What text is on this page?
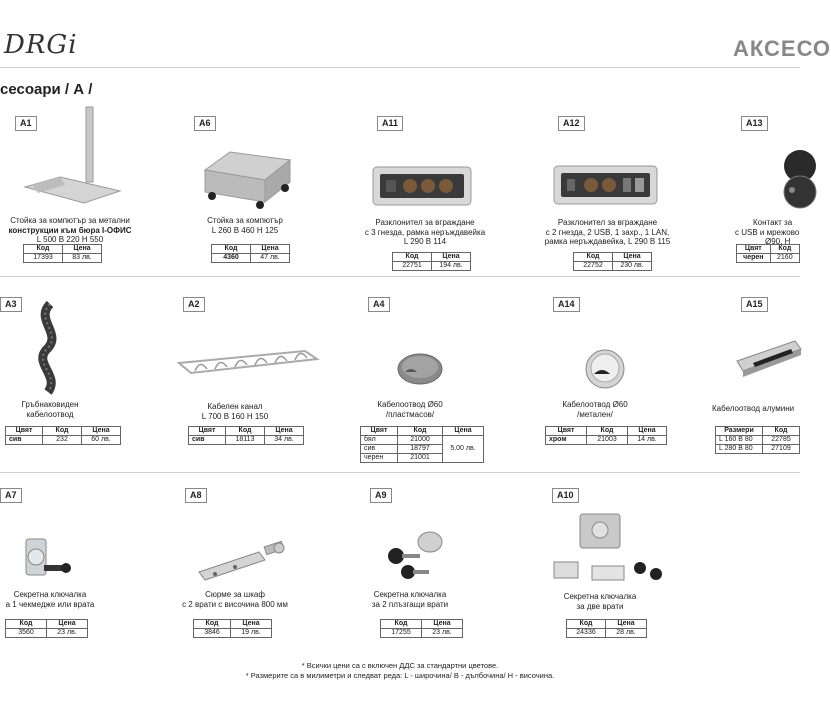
DRGi	АКСЕСО
сесоари / А /
A1
Стойка за компютър за метални
конструкции към бюра I-ОФИС
L 500 B 220 H 550
Код	Цена
17393	83 лв.
A6
Стойка за компютър
L 260 B 460 H 125
Код	Цена
4360	47 лв.
A11
Разклонител за вграждане
с 3 гнезда, рамка неръждавейка
L 290 B 114
Код	Цена
22751	194 лв.
A12
Разклонител за вграждане
с 2 гнезда, 2 USB, 1 захр., 1 LAN,
рамка неръждавейка, L 290 B 115
Код	Цена
22752	230 лв.
A13
Контакт за
с USB и мрежово
Ø90, H
Цвят	Код
черен	2160
A3
Гръбнаковиден
кабелоотвод
Цвят	Код	Цена
сив	232	60 лв.
A2
Кабелен канал
L 700 B 160 H 150
Цвят	Код	Цена
сив	18113	34 лв.
A4
Кабелоотвод Ø60
/пластмасов/
Цвят	Код	Цена
бял	21000	5.00 лв.
сив	18797	
черен	21001	
A14
Кабелоотвод Ø60
/метален/
Цвят	Код	Цена
хром	21003	14 лв.
A15
Кабелоотвод алумини
Размери	Код
L 160 B 80	22785
L 280 B 80	27109
A7
Секретна ключалка
а 1 чекмедже или врата
Код	Цена
3560	23 лв.
A8
Сюрме за шкаф
с 2 врати с височина 800 мм
Код	Цена
3846	19 лв.
A9
Секретна ключалка
за 2 плъзгащи врати
Код	Цена
17255	23 лв.
A10
Секретна ключалка
за две врати
Код	Цена
24336	28 лв.
* Всички цени са с включен ДДС за стандартни цветове.
* Размерите са в милиметри и следват реда: L - широчина/ B - дълбочина/ H - височина.
